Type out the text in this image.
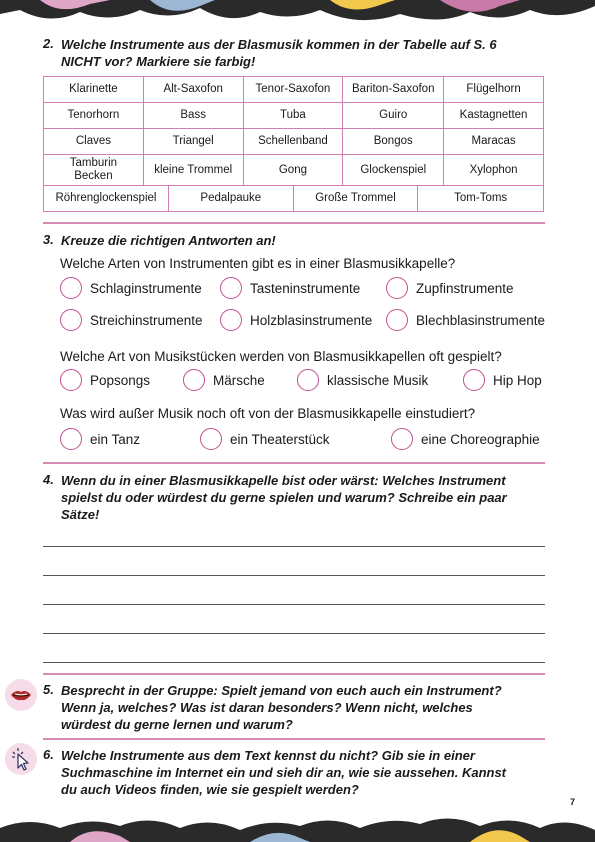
2. Welche Instrumente aus der Blasmusik kommen in der Tabelle auf S. 6
NICHT vor? Markiere sie farbig!
Klarinette	Alt-Saxofon	Tenor-Saxofon	Bariton-Saxofon	Flügelhorn
Tenorhorn	Bass	Tuba	Guiro	Kastagnetten
Claves	Triangel	Schellenband	Bongos	Maracas
Tamburin Becken	kleine Trommel	Gong	Glockenspiel	Xylophon
Röhrenglockenspiel	Pedalpauke	Große Trommel	Tom-Toms
3. Kreuze die richtigen Antworten an!
Welche Arten von Instrumenten gibt es in einer Blasmusikkapelle?
Schlaginstrumente	Tasteninstrumente	Zupfinstrumente
Streichinstrumente	Holzblasinstrumente	Blechblasinstrumente
Welche Art von Musikstücken werden von Blasmusikkapellen oft gespielt?
Popsongs	Märsche	klassische Musik	Hip Hop
Was wird außer Musik noch oft von der Blasmusikkapelle einstudiert?
ein Tanz	ein Theaterstück	eine Choreographie
4. Wenn du in einer Blasmusikkapelle bist oder wärst: Welches Instrument
spielst du oder würdest du gerne spielen und warum? Schreibe ein paar
Sätze!
5. Besprecht in der Gruppe: Spielt jemand von euch auch ein Instrument?
Wenn ja, welches? Was ist daran besonders? Wenn nicht, welches
würdest du gerne lernen und warum?
6. Welche Instrumente aus dem Text kennst du nicht? Gib sie in einer
Suchmaschine im Internet ein und sieh dir an, wie sie aussehen. Kannst
du auch Videos finden, wie sie gespielt werden?
7
